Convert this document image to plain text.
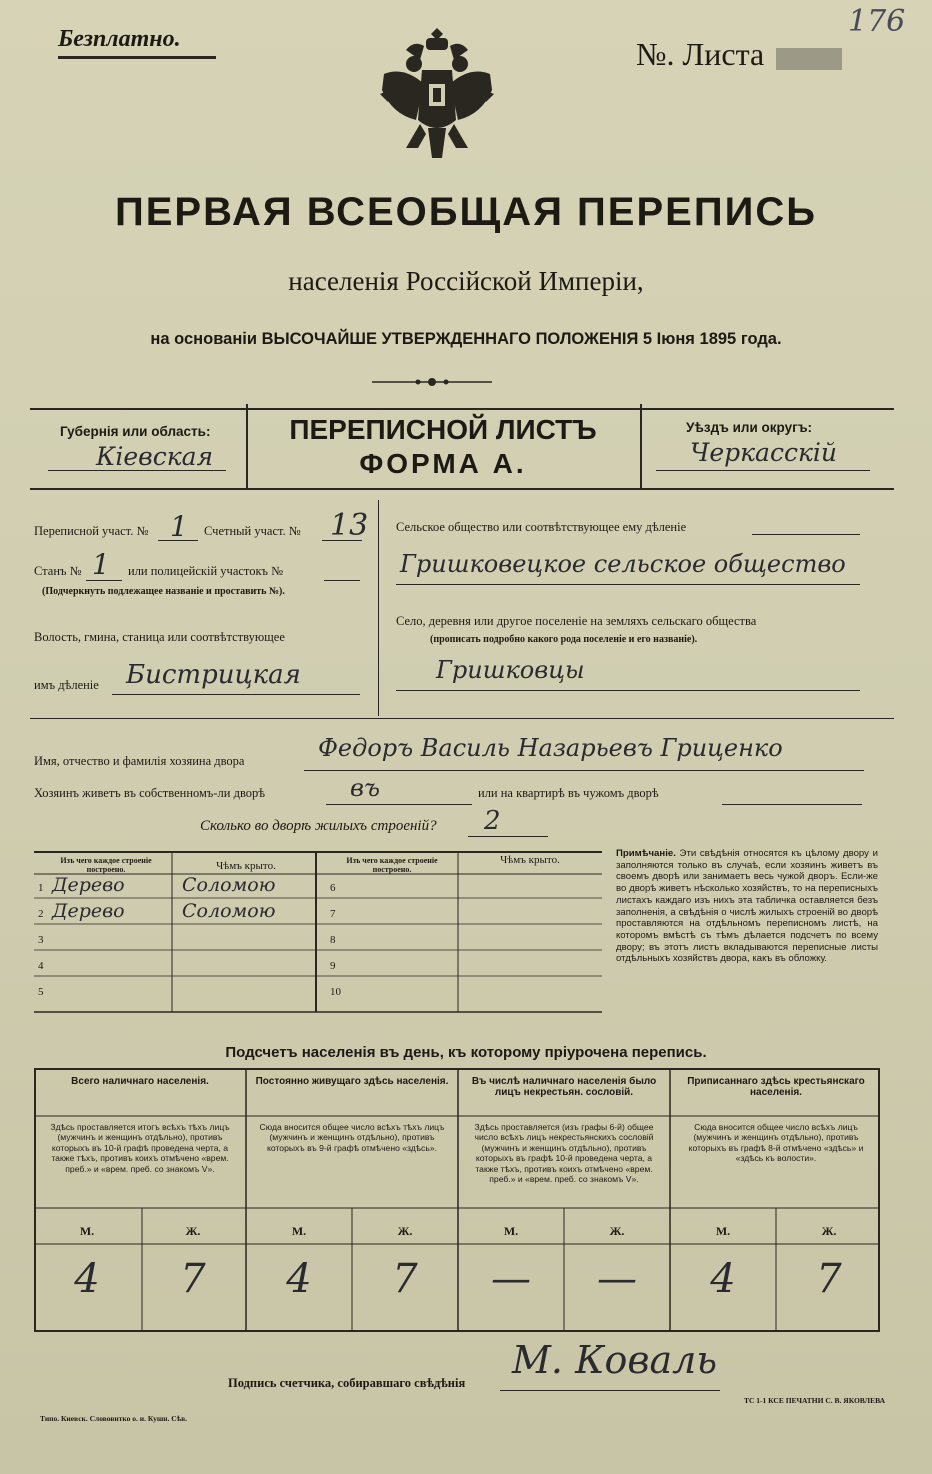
Безплатно.	№. Листа
176
ПЕРВАЯ ВСЕОБЩАЯ ПЕРЕПИСЬ
населенія Россійской Имперіи,
на основаніи ВЫСОЧАЙШЕ УТВЕРЖДЕННАГО ПОЛОЖЕНІЯ 5 Іюня 1895 года.
Губернія или область:
Кіевская
ПЕРЕПИСНОЙ ЛИСТЪ
ФОРМА А.
Уѣздъ или округъ:
Черкасскій
Переписной участ. № 1 Счетный участ. № 13
Станъ № 1 или полицейскій участокъ №
(Подчеркнуть подлежащее названіе и проставить №).
Волость, гмина, станица или соотвѣтствующее
имъ дѣленіе Бистрицкая
Сельское общество или соотвѣтствующее ему дѣленіе
Гришковецкое сельское общество
Село, деревня или другое поселеніе на земляхъ сельскаго общества
(прописать подробно какого рода поселеніе и его названіе).
Гришковцы
Имя, отчество и фамилія хозяина двора	Федоръ Василь Назарьевъ Гриценко
Хозяинъ живетъ въ собственномъ-ли дворѣ	въ	или на квартирѣ въ чужомъ дворѣ
Сколько во дворѣ жилыхъ строеній? 2
Изъ чего каждое строеніе построено.	Чѣмъ крыто.	Изъ чего каждое строеніе построено.
Чѣмъ крыто.
1 Дерево	Соломою
2 Дерево	Соломою
3
4
5
6
7
8
9
10
Примѣчаніе. Эти свѣдѣнія относятся къ цѣлому двору и заполняются только въ случаѣ, если хозяинъ живетъ въ своемъ дворѣ или занимаетъ весь чужой дворъ. Если-же во дворѣ живетъ нѣсколько хозяйствъ, то на переписныхъ листахъ каждаго изъ нихъ эта табличка оставляется безъ заполненія, а свѣдѣнія о числѣ жилыхъ строеній во дворѣ проставляются на отдѣльномъ переписномъ листѣ, на которомъ вмѣстѣ съ тѣмъ дѣлается подсчетъ по всему двору; въ этотъ листъ вкладываются переписные листы отдѣльныхъ хозяйствъ двора, какъ въ обложку.
Подсчетъ населенія въ день, къ которому пріурочена перепись.
Всего наличнаго населенія.
Здѣсь проставляется итогъ всѣхъ тѣхъ лицъ (мужчинъ и женщинъ отдѣльно), противъ которыхъ въ 10-й графѣ проведена черта, а также тѣхъ, противъ коихъ отмѣчено «врем. преб.» и «врем. преб. со знакомъ V».
М.	Ж.
4	7
Постоянно живущаго здѣсь населенія.
Сюда вносится общее число всѣхъ тѣхъ лицъ (мужчинъ и женщинъ отдѣльно), противъ которыхъ въ 9-й графѣ отмѣчено «здѣсь».
М.	Ж.
4	7
Въ числѣ наличнаго населенія было лицъ некрестьян. сословій.
Здѣсь проставляется (изъ графы 6-й) общее число всѣхъ лицъ некрестьянскихъ сословій (мужчинъ и женщинъ отдѣльно), противъ которыхъ въ графѣ 10-й проведена черта, а также тѣхъ, противъ коихъ отмѣчено «врем. преб.» и «врем. преб. со знакомъ V».
М.	Ж.
—	—
Приписаннаго здѣсь крестьянскаго населенія.
Сюда вносится общее число всѣхъ лицъ (мужчинъ и женщинъ отдѣльно), противъ которыхъ въ графѣ 8-й отмѣчено «здѣсь» и «здѣсь къ волости».
М.	Ж.
4	7
Подпись счетчика, собиравшаго свѣдѣнія
М. Коваль
Типо. Киевск. Слововитко о. и. Кушн. Сѣв.
ТС 1-1 КСЕ ПЕЧАТНИ С. В. ЯКОВЛЕВА
